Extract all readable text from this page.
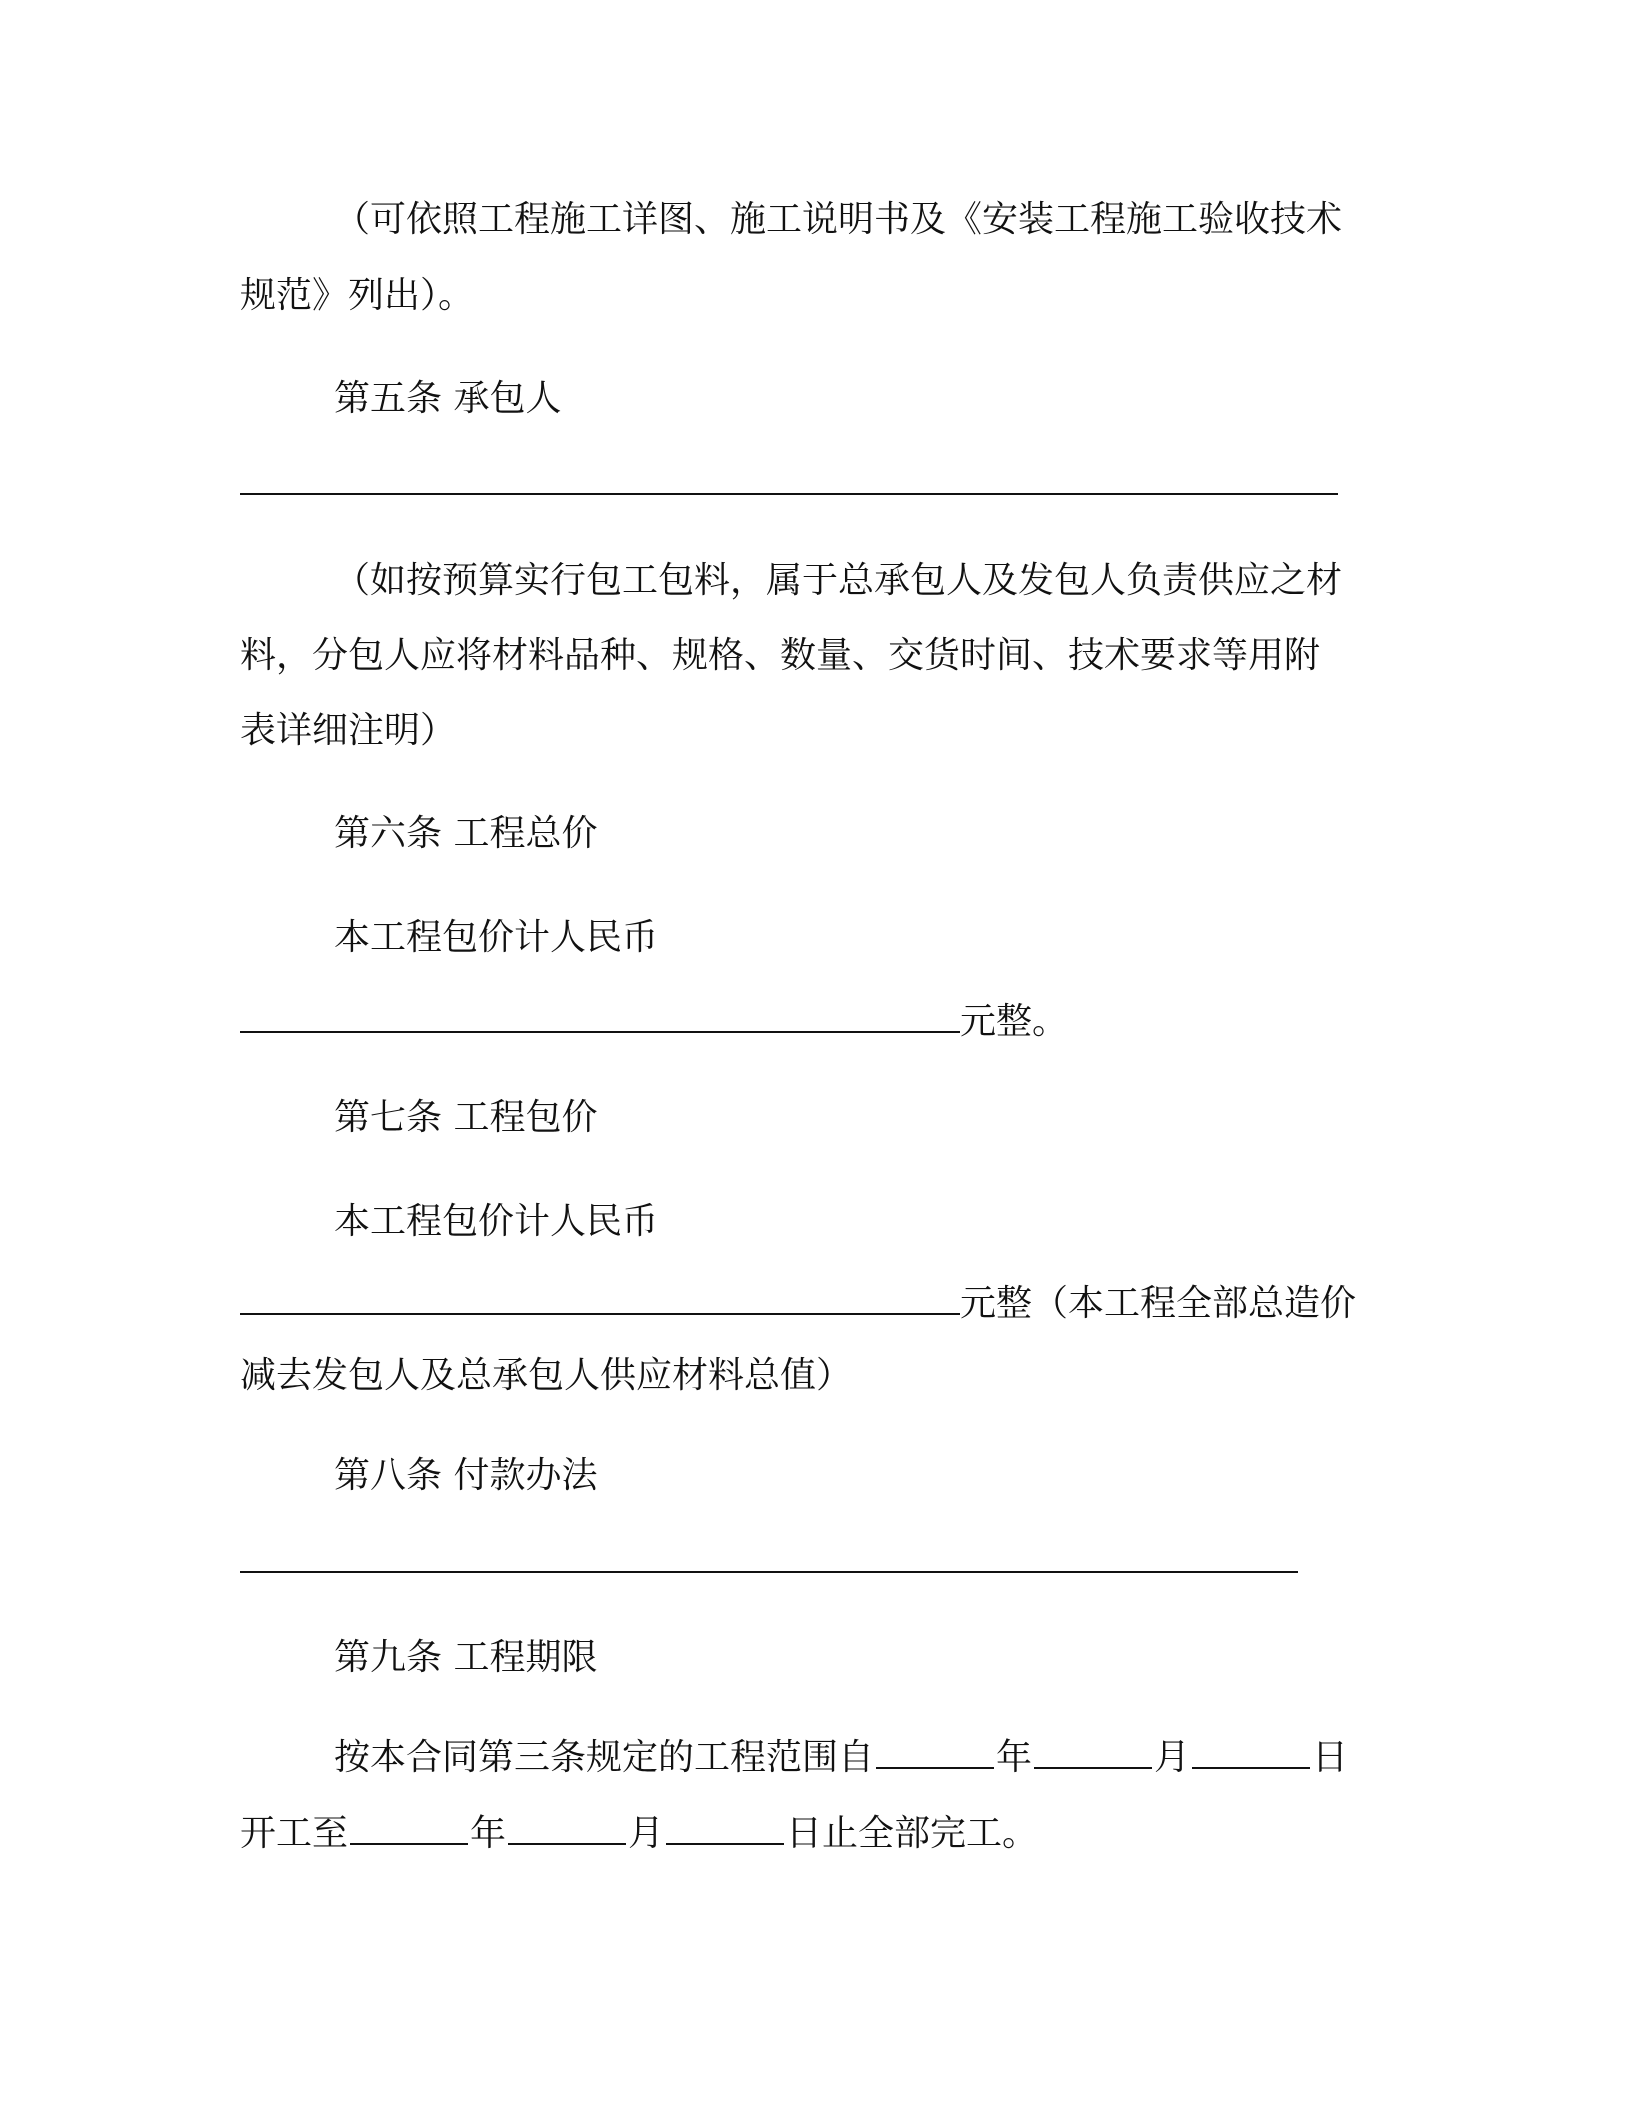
（可依照工程施工详图、施工说明书及《安装工程施工验收技术
规范》列出）。
第五条 承包人
（如按预算实行包工包料，属于总承包人及发包人负责供应之材
料，分包人应将材料品种、规格、数量、交货时间、技术要求等用附
表详细注明）
第六条 工程总价
本工程包价计人民币
元整。
第七条 工程包价
本工程包价计人民币
元整（本工程全部总造价
减去发包人及总承包人供应材料总值）
第八条 付款办法
第九条 工程期限
按本合同第三条规定的工程范围自	年	月	日
开工至	年	月	日止全部完工。
